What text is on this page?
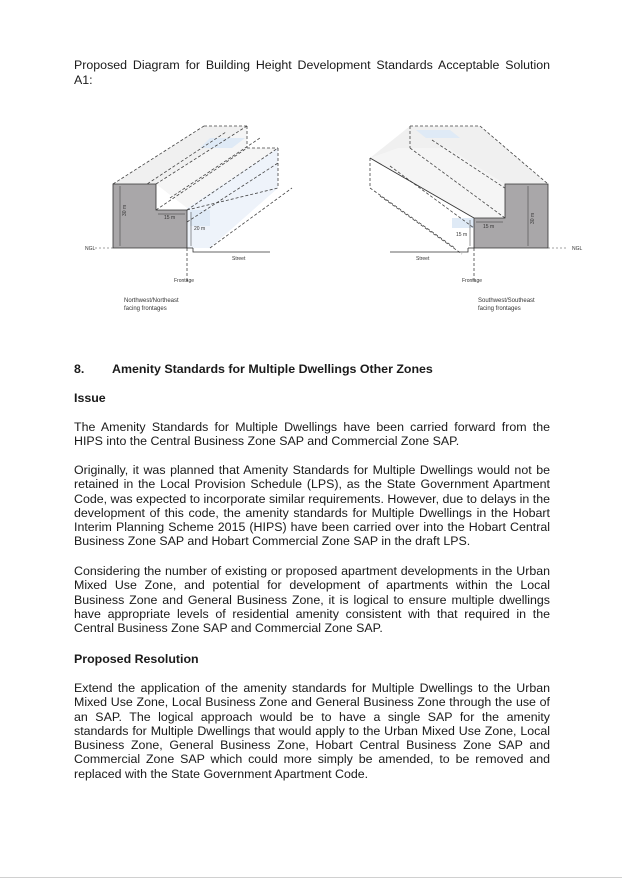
Proposed Diagram for Building Height Development Standards Acceptable Solution A1:
30 m
15 m
20 m
NGL
Street
Frontage
Northwest/Northeast
facing frontages
30 m
15 m
15 m
NGL
Street
Frontage
Southwest/Southeast
facing frontages
8. Amenity Standards for Multiple Dwellings Other Zones
Issue
The Amenity Standards for Multiple Dwellings have been carried forward from the HIPS into the Central Business Zone SAP and Commercial Zone SAP.
Originally, it was planned that Amenity Standards for Multiple Dwellings would not be retained in the Local Provision Schedule (LPS), as the State Government Apartment Code, was expected to incorporate similar requirements. However, due to delays in the development of this code, the amenity standards for Multiple Dwellings in the Hobart Interim Planning Scheme 2015 (HIPS) have been carried over into the Hobart Central Business Zone SAP and Hobart Commercial Zone SAP in the draft LPS.
Considering the number of existing or proposed apartment developments in the Urban Mixed Use Zone, and potential for development of apartments within the Local Business Zone and General Business Zone, it is logical to ensure multiple dwellings have appropriate levels of residential amenity consistent with that required in the Central Business Zone SAP and Commercial Zone SAP.
Proposed Resolution
Extend the application of the amenity standards for Multiple Dwellings to the Urban Mixed Use Zone, Local Business Zone and General Business Zone through the use of an SAP. The logical approach would be to have a single SAP for the amenity standards for Multiple Dwellings that would apply to the Urban Mixed Use Zone, Local Business Zone, General Business Zone, Hobart Central Business Zone SAP and Commercial Zone SAP which could more simply be amended, to be removed and replaced with the State Government Apartment Code.
